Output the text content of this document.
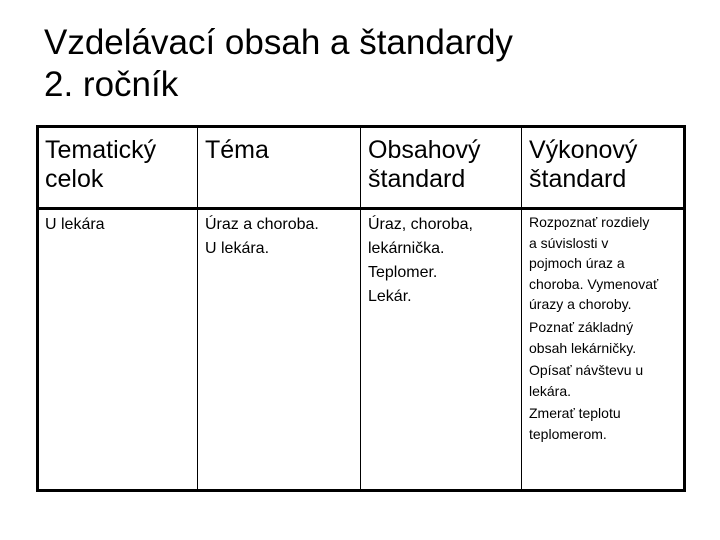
Vzdelávací obsah a štandardy
2. ročník
Tematický
celok
Téma	Obsahový
štandard
Výkonový
štandard
U lekára	Úraz a choroba.
U lekára.
Úraz, choroba,
lekárnička.
Teplomer.
Lekár.
Rozpoznať rozdiely
a súvislosti v
pojmoch úraz a
choroba. Vymenovať
úrazy a choroby.
Poznať základný
obsah lekárničky.
Opísať návštevu u
lekára.
Zmerať teplotu
teplomerom.
